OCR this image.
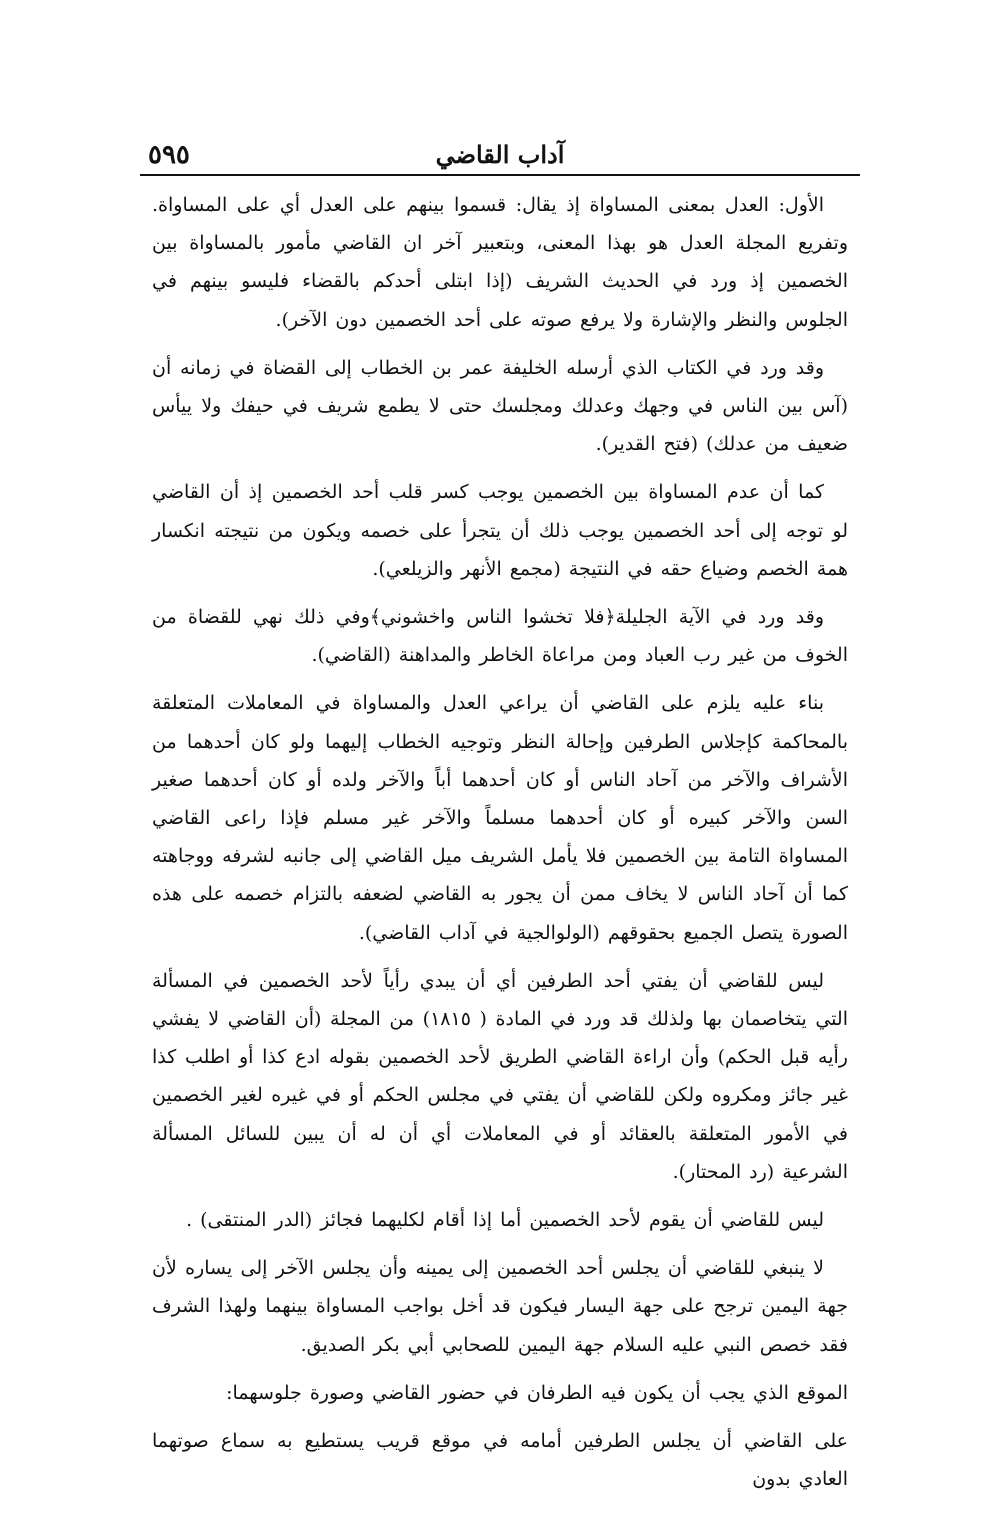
٥٩٥	آداب القاضي

الأول: العدل بمعنى المساواة إذ يقال: قسموا بينهم على العدل أي على المساواة. وتفريع المجلة العدل هو بهذا المعنى، وبتعبير آخر ان القاضي مأمور بالمساواة بين الخصمين إذ ورد في الحديث الشريف (إذا ابتلى أحدكم بالقضاء فليسو بينهم في الجلوس والنظر والإشارة ولا يرفع صوته على أحد الخصمين دون الآخر).

وقد ورد في الكتاب الذي أرسله الخليفة عمر بن الخطاب إلى القضاة في زمانه أن (آس بين الناس في وجهك وعدلك ومجلسك حتى لا يطمع شريف في حيفك ولا ييأس ضعيف من عدلك) (فتح القدير).

كما أن عدم المساواة بين الخصمين يوجب كسر قلب أحد الخصمين إذ أن القاضي لو توجه إلى أحد الخصمين يوجب ذلك أن يتجرأ على خصمه ويكون من نتيجته انكسار همة الخصم وضياع حقه في النتيجة (مجمع الأنهر والزيلعي).

وقد ورد في الآية الجليلة﴿فلا تخشوا الناس واخشوني﴾وفي ذلك نهي للقضاة من الخوف من غير رب العباد ومن مراعاة الخاطر والمداهنة (القاضي).

بناء عليه يلزم على القاضي أن يراعي العدل والمساواة في المعاملات المتعلقة بالمحاكمة كإجلاس الطرفين وإحالة النظر وتوجيه الخطاب إليهما ولو كان أحدهما من الأشراف والآخر من آحاد الناس أو كان أحدهما أباً والآخر ولده أو كان أحدهما صغير السن والآخر كبيره أو كان أحدهما مسلماً والآخر غير مسلم فإذا راعى القاضي المساواة التامة بين الخصمين فلا يأمل الشريف ميل القاضي إلى جانبه لشرفه ووجاهته كما أن آحاد الناس لا يخاف ممن أن يجور به القاضي لضعفه بالتزام خصمه على هذه الصورة يتصل الجميع بحقوقهم (الولوالجية في آداب القاضي).

ليس للقاضي أن يفتي أحد الطرفين أي أن يبدي رأياً لأحد الخصمين في المسألة التي يتخاصمان بها ولذلك قد ورد في المادة ( ١٨١٥) من المجلة (أن القاضي لا يفشي رأيه قبل الحكم) وأن اراءة القاضي الطريق لأحد الخصمين بقوله ادع كذا أو اطلب كذا غير جائز ومكروه ولكن للقاضي أن يفتي في مجلس الحكم أو في غيره لغير الخصمين في الأمور المتعلقة بالعقائد أو في المعاملات أي أن له أن يبين للسائل المسألة الشرعية (رد المحتار).

ليس للقاضي أن يقوم لأحد الخصمين أما إذا أقام لكليهما فجائز (الدر المنتقى) .

لا ينبغي للقاضي أن يجلس أحد الخصمين إلى يمينه وأن يجلس الآخر إلى يساره لأن جهة اليمين ترجح على جهة اليسار فيكون قد أخل بواجب المساواة بينهما ولهذا الشرف فقد خصص النبي عليه السلام جهة اليمين للصحابي أبي بكر الصديق.

الموقع الذي يجب أن يكون فيه الطرفان في حضور القاضي وصورة جلوسهما:

على القاضي أن يجلس الطرفين أمامه في موقع قريب يستطيع به سماع صوتهما العادي بدون
